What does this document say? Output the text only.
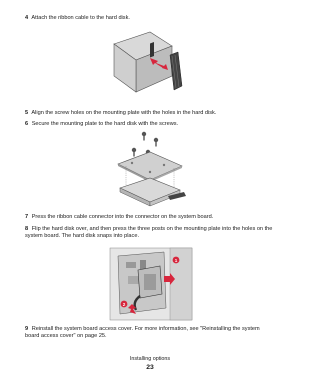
4 Attach the ribbon cable to the hard disk.
5 Align the screw holes on the mounting plate with the holes in the hard disk.
6 Secure the mounting plate to the hard disk with the screws.
7 Press the ribbon cable connector into the connector on the system board.
8 Flip the hard disk over, and then press the three posts on the mounting plate into the holes on the system board. The hard disk snaps into place.
1
2
9 Reinstall the system board access cover. For more information, see "Reinstalling the system board access cover" on page 25.
Installing options
23
